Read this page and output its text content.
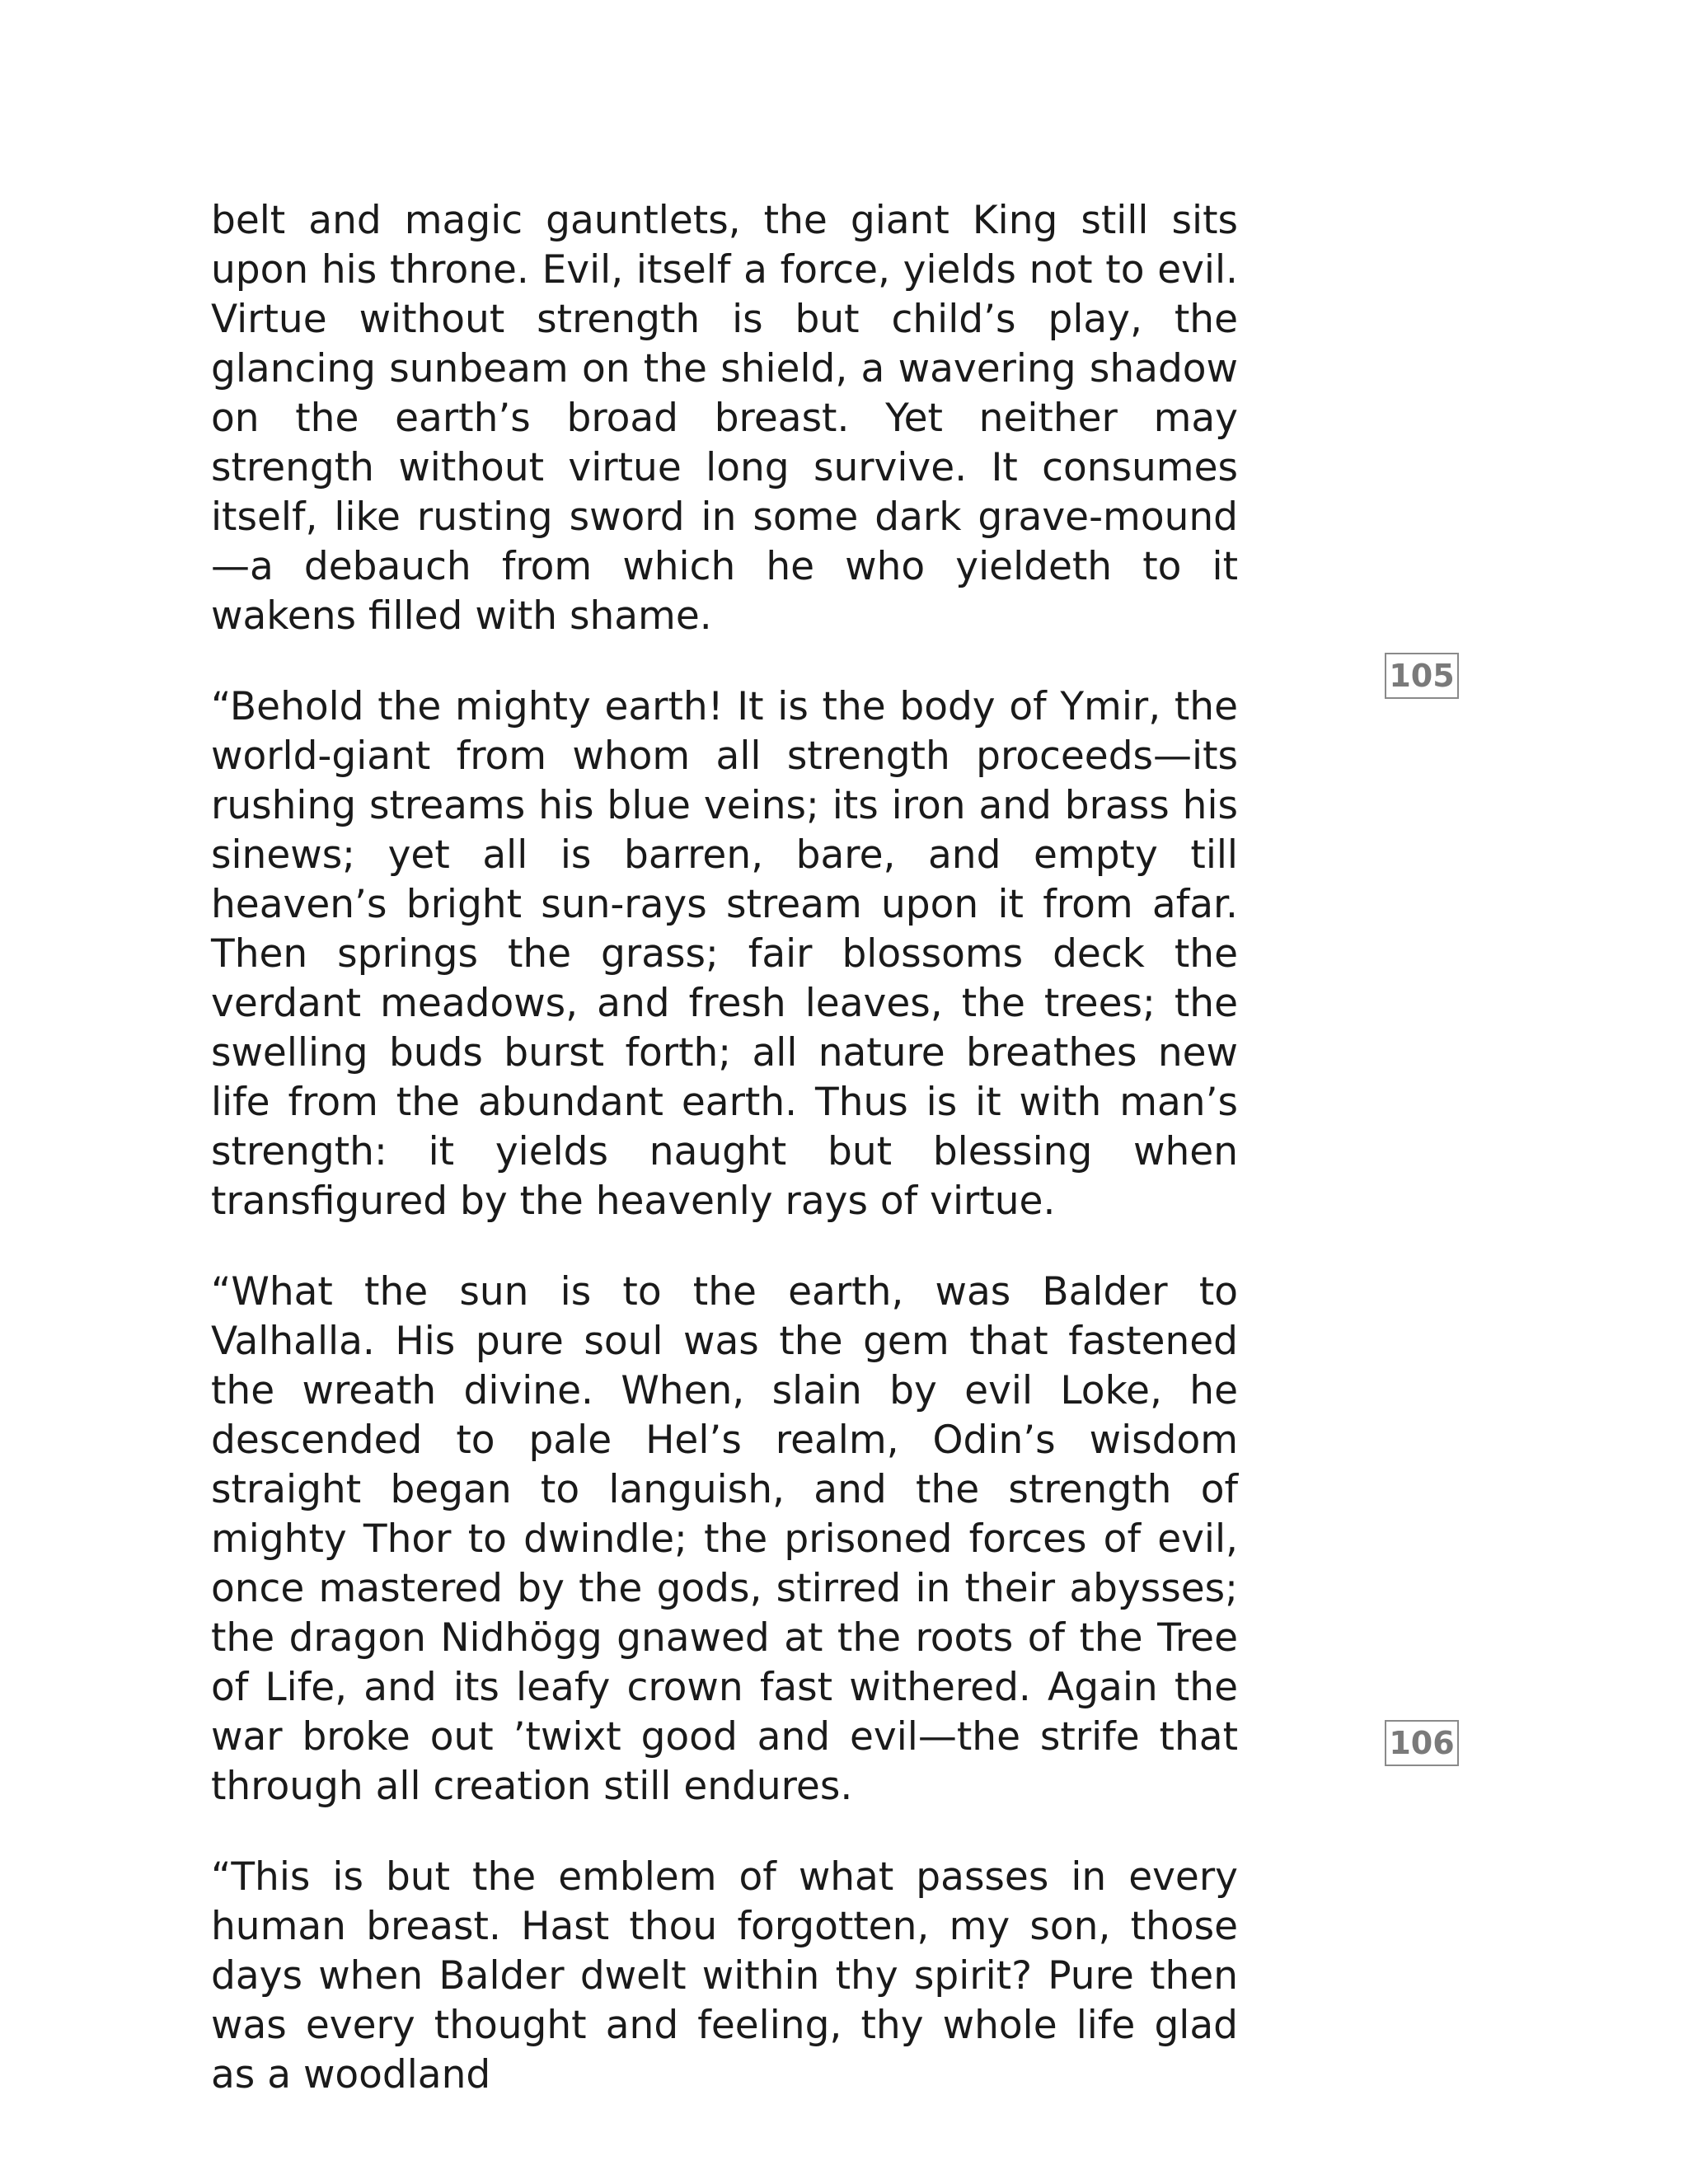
belt and magic gauntlets, the giant King still sits upon his throne. Evil, itself a force, yields not to evil. Virtue without strength is but child’s play, the glancing sunbeam on the shield, a wavering shadow on the earth’s broad breast. Yet neither may strength without virtue long survive. It consumes itself, like rusting sword in some dark grave-mound—a debauch from which he who yieldeth to it wakens filled with shame.

“Behold the mighty earth! It is the body of Ymir, the world-giant from whom all strength proceeds—its rushing streams his blue veins; its iron and brass his sinews; yet all is barren, bare, and empty till heaven’s bright sun-rays stream upon it from afar. Then springs the grass; fair blossoms deck the verdant meadows, and fresh leaves, the trees; the swelling buds burst forth; all nature breathes new life from the abundant earth. Thus is it with man’s strength: it yields naught but blessing when transfigured by the heavenly rays of virtue.

“What the sun is to the earth, was Balder to Valhalla. His pure soul was the gem that fastened the wreath divine. When, slain by evil Loke, he descended to pale Hel’s realm, Odin’s wisdom straight began to languish, and the strength of mighty Thor to dwindle; the prisoned forces of evil, once mastered by the gods, stirred in their abysses; the dragon Nidhögg gnawed at the roots of the Tree of Life, and its leafy crown fast withered. Again the war broke out ’twixt good and evil—the strife that through all creation still endures.

“This is but the emblem of what passes in every human breast. Hast thou forgotten, my son, those days when Balder dwelt within thy spirit? Pure then was every thought and feeling, thy whole life glad as a woodland

105
106
